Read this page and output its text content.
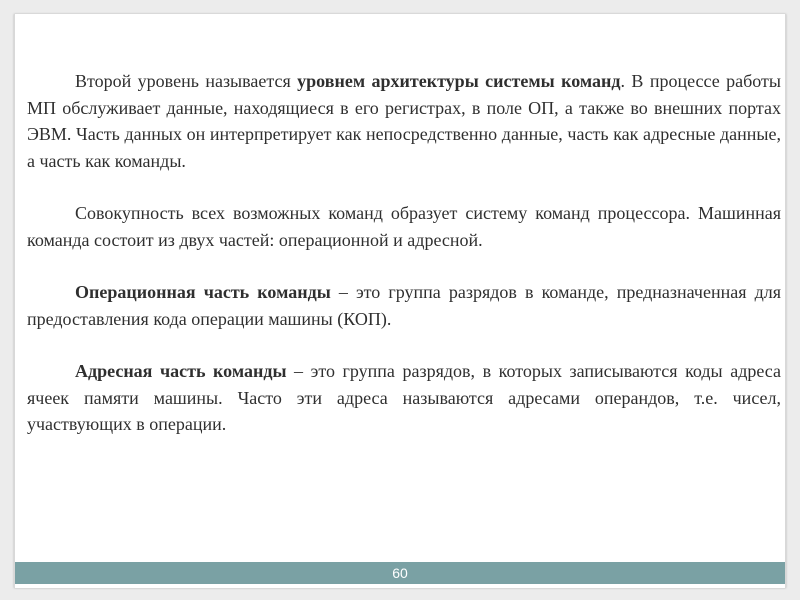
Второй уровень называется уровнем архитектуры системы команд. В процессе работы МП обслуживает данные, находящиеся в его регистрах, в поле ОП, а также во внешних портах ЭВМ. Часть данных он интерпретирует как непосредственно данные, часть как адресные данные, а часть как команды.

Совокупность всех возможных команд образует систему команд процессора. Машинная команда состоит из двух частей: операционной и адресной.

Операционная часть команды – это группа разрядов в команде, предназначенная для предоставления кода операции машины (КОП).

Адресная часть команды – это группа разрядов, в которых записываются коды адреса ячеек памяти машины. Часто эти адреса называются адресами операндов, т.е. чисел, участвующих в операции.

60
